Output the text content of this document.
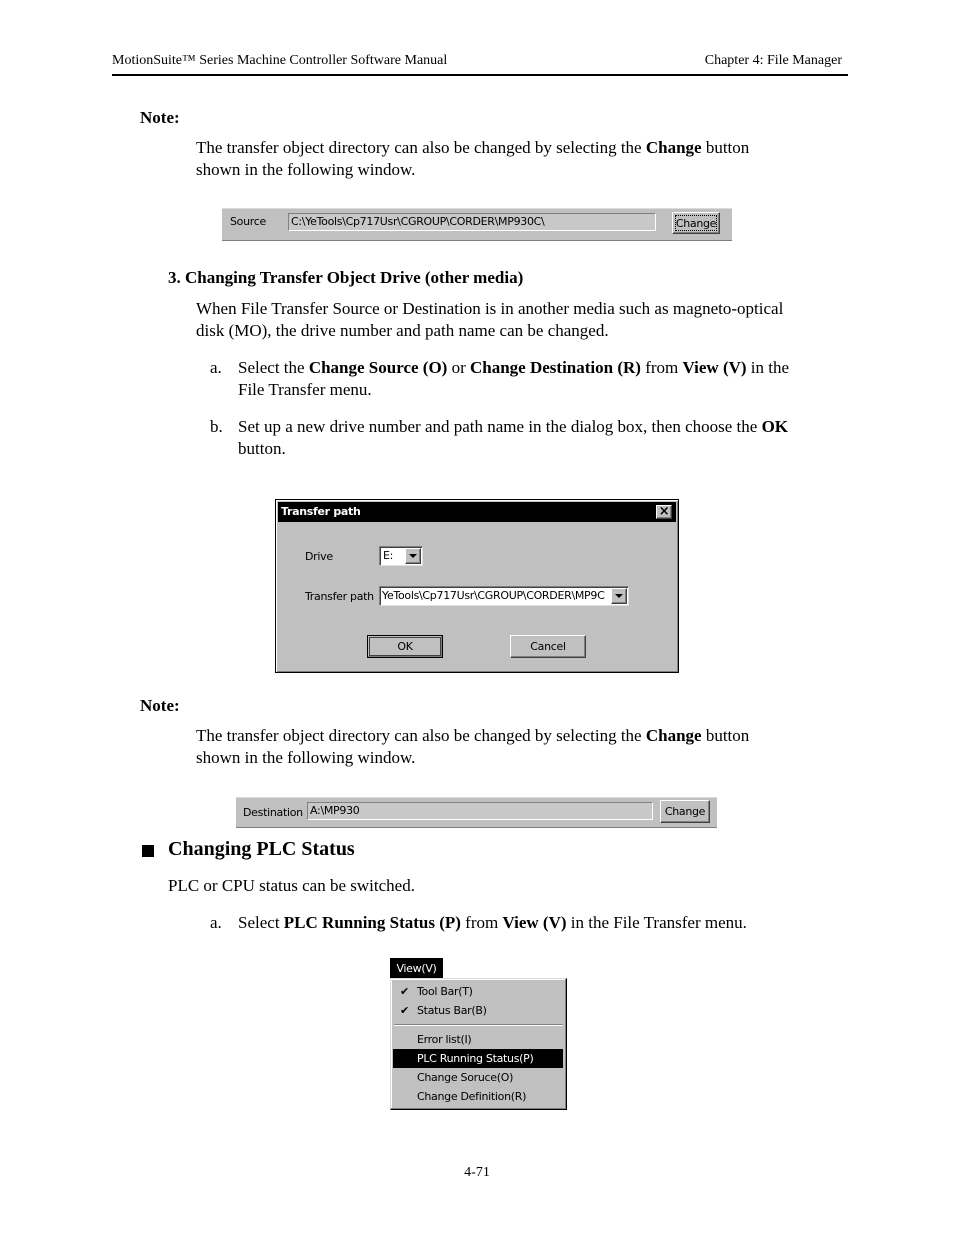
MotionSuite™ Series Machine Controller Software Manual	Chapter 4: File Manager
Note:
The transfer object directory can also be changed by selecting the Change button
shown in the following window.
Source C:\YeTools\Cp717Usr\CGROUP\CORDER\MP930C\	Change
3. Changing Transfer Object Drive (other media)
When File Transfer Source or Destination is in another media such as magneto-optical
disk (MO), the drive number and path name can be changed.
a. Select the Change Source (O) or Change Destination (R) from View (V) in the
File Transfer menu.
b. Set up a new drive number and path name in the dialog box, then choose the OK
button.
Transfer path	×
Drive	E:
Transfer path YeTools\Cp717Usr\CGROUP\CORDER\MP9C
OK	Cancel
Note:
The transfer object directory can also be changed by selecting the Change button
shown in the following window.
Destination A:\MP930	Change
Changing PLC Status
PLC or CPU status can be switched.
a. Select PLC Running Status (P) from View (V) in the File Transfer menu.
View(V)
✔ Tool Bar(T)
✔ Status Bar(B)
Error list(I)
PLC Running Status(P)
Change Soruce(O)
Change Definition(R)
4-71
